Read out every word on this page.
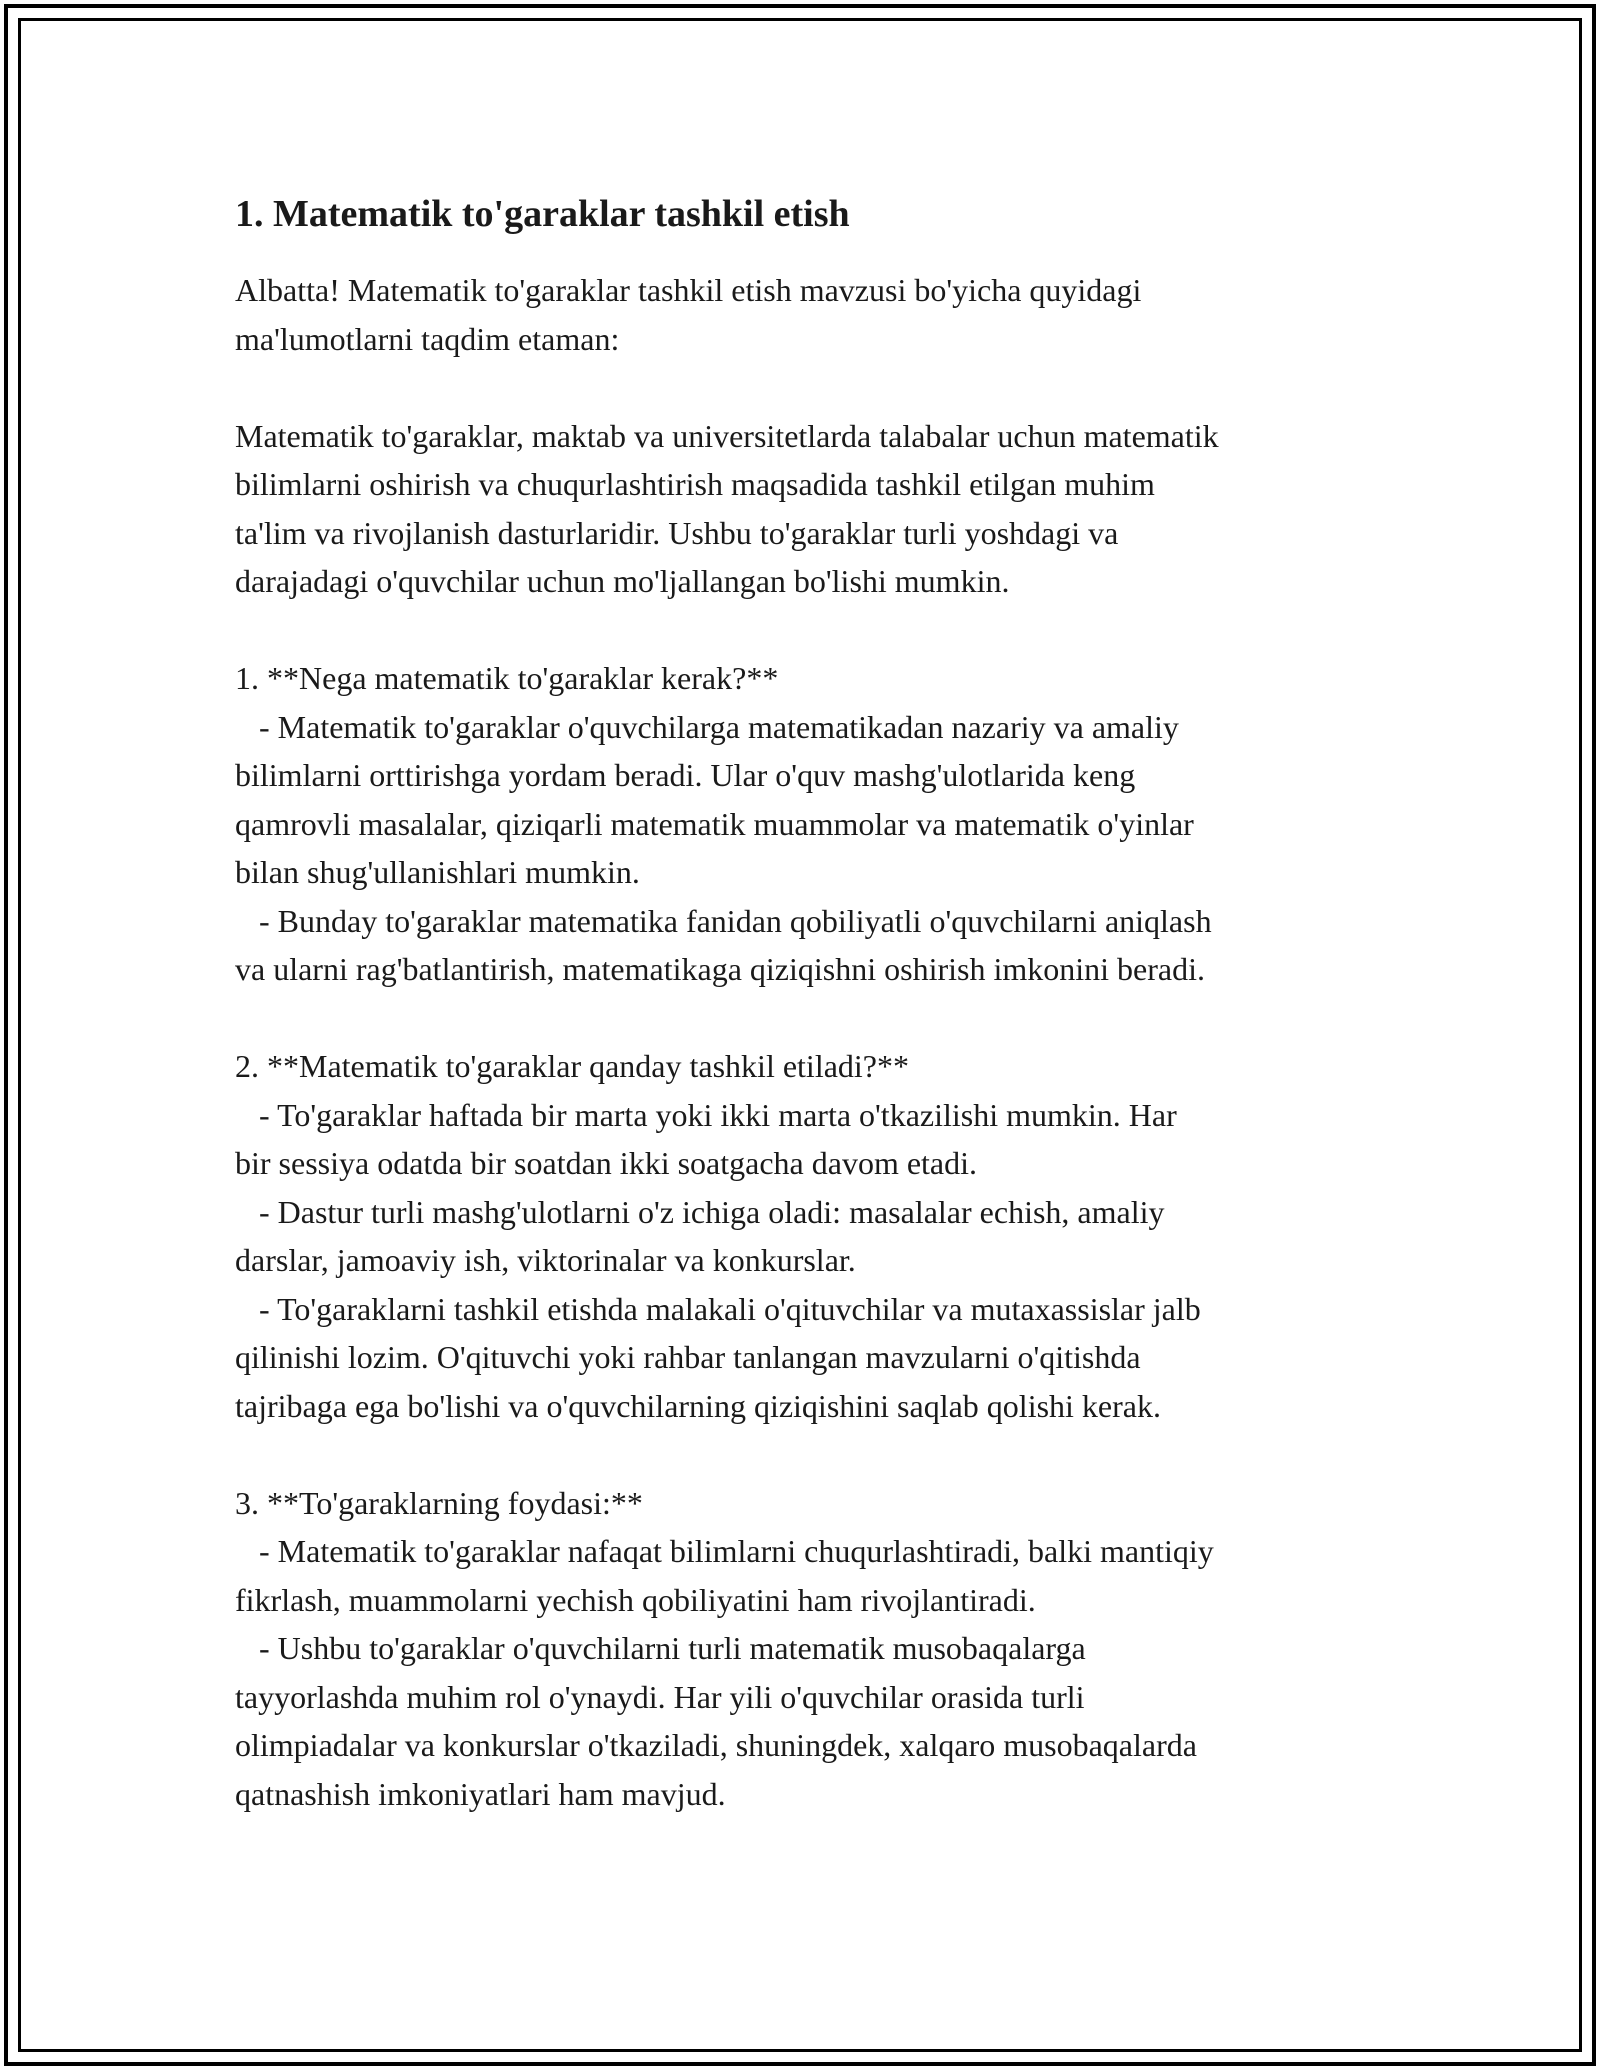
1. Matematik to'garaklar tashkil etish

Albatta! Matematik to'garaklar tashkil etish mavzusi bo'yicha quyidagi
ma'lumotlarni taqdim etaman:

Matematik to'garaklar, maktab va universitetlarda talabalar uchun matematik
bilimlarni oshirish va chuqurlashtirish maqsadida tashkil etilgan muhim
ta'lim va rivojlanish dasturlaridir. Ushbu to'garaklar turli yoshdagi va
darajadagi o'quvchilar uchun mo'ljallangan bo'lishi mumkin.

1. **Nega matematik to'garaklar kerak?**
- Matematik to'garaklar o'quvchilarga matematikadan nazariy va amaliy
bilimlarni orttirishga yordam beradi. Ular o'quv mashg'ulotlarida keng
qamrovli masalalar, qiziqarli matematik muammolar va matematik o'yinlar
bilan shug'ullanishlari mumkin.
- Bunday to'garaklar matematika fanidan qobiliyatli o'quvchilarni aniqlash
va ularni rag'batlantirish, matematikaga qiziqishni oshirish imkonini beradi.

2. **Matematik to'garaklar qanday tashkil etiladi?**
- To'garaklar haftada bir marta yoki ikki marta o'tkazilishi mumkin. Har
bir sessiya odatda bir soatdan ikki soatgacha davom etadi.
- Dastur turli mashg'ulotlarni o'z ichiga oladi: masalalar echish, amaliy
darslar, jamoaviy ish, viktorinalar va konkurslar.
- To'garaklarni tashkil etishda malakali o'qituvchilar va mutaxassislar jalb
qilinishi lozim. O'qituvchi yoki rahbar tanlangan mavzularni o'qitishda
tajribaga ega bo'lishi va o'quvchilarning qiziqishini saqlab qolishi kerak.

3. **To'garaklarning foydasi:**
- Matematik to'garaklar nafaqat bilimlarni chuqurlashtiradi, balki mantiqiy
fikrlash, muammolarni yechish qobiliyatini ham rivojlantiradi.
- Ushbu to'garaklar o'quvchilarni turli matematik musobaqalarga
tayyorlashda muhim rol o'ynaydi. Har yili o'quvchilar orasida turli
olimpiadalar va konkurslar o'tkaziladi, shuningdek, xalqaro musobaqalarda
qatnashish imkoniyatlari ham mavjud.
